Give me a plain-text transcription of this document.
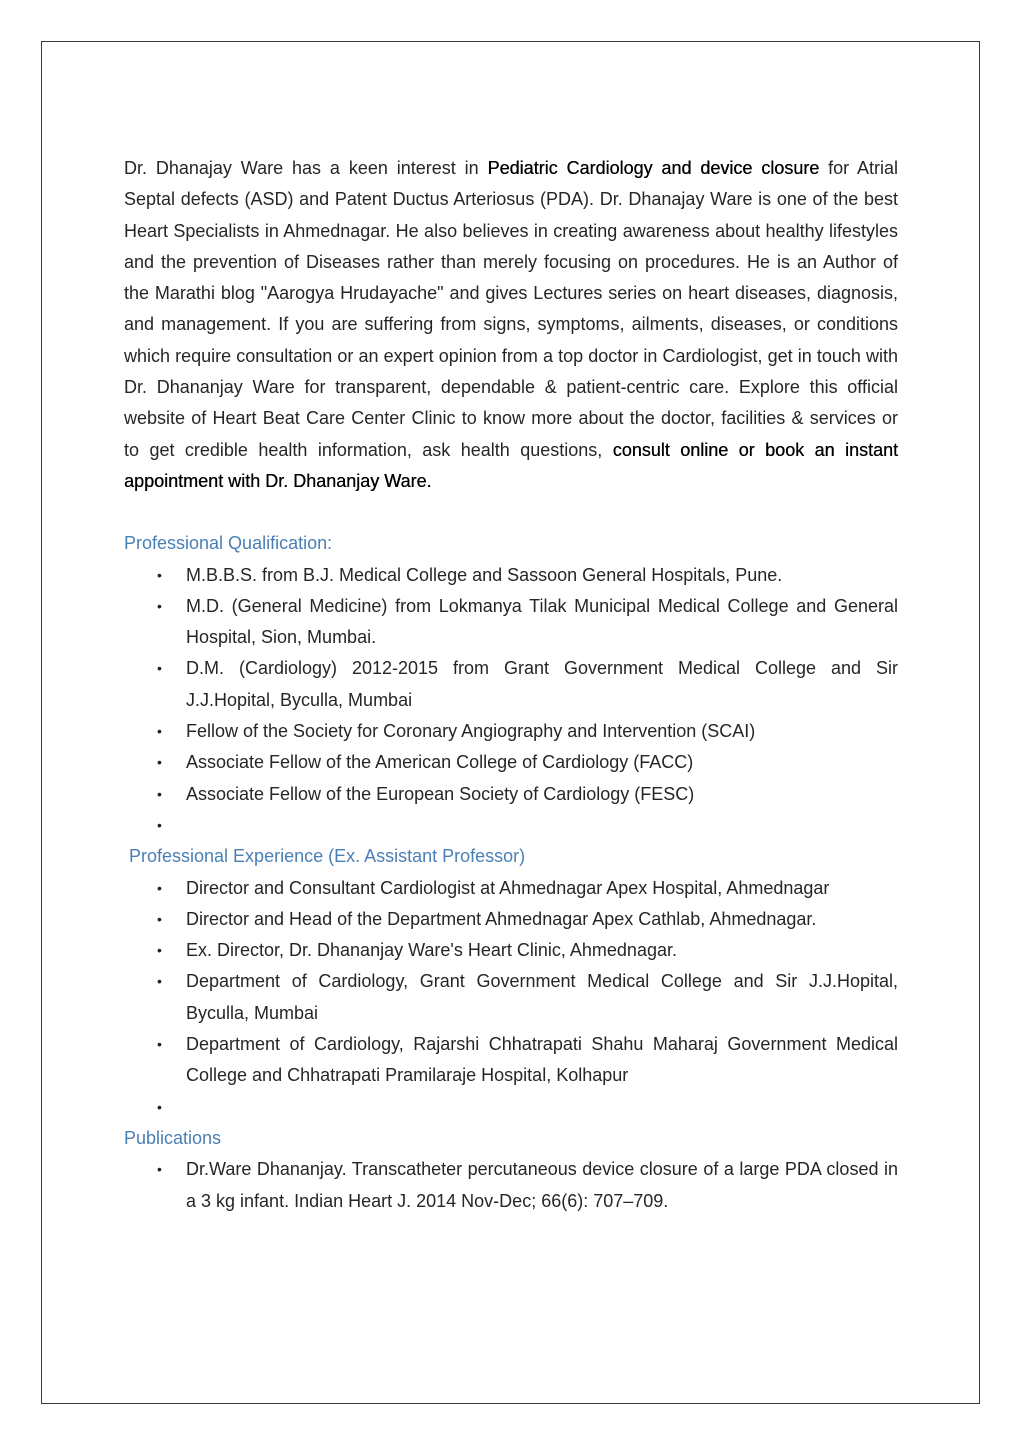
Dr. Dhanajay Ware has a keen interest in Pediatric Cardiology and device closure for Atrial Septal defects (ASD) and Patent Ductus Arteriosus (PDA). Dr. Dhanajay Ware is one of the best Heart Specialists in Ahmednagar. He also believes in creating awareness about healthy lifestyles and the prevention of Diseases rather than merely focusing on procedures. He is an Author of the Marathi blog "Aarogya Hrudayache" and gives Lectures series on heart diseases, diagnosis, and management. If you are suffering from signs, symptoms, ailments, diseases, or conditions which require consultation or an expert opinion from a top doctor in Cardiologist, get in touch with Dr. Dhananjay Ware for transparent, dependable & patient-centric care. Explore this official website of Heart Beat Care Center Clinic to know more about the doctor, facilities & services or to get credible health information, ask health questions, consult online or book an instant appointment with Dr. Dhananjay Ware.

Professional Qualification:

• M.B.B.S. from B.J. Medical College and Sassoon General Hospitals, Pune.
• M.D. (General Medicine) from Lokmanya Tilak Municipal Medical College and General Hospital, Sion, Mumbai.
• D.M. (Cardiology) 2012-2015 from Grant Government Medical College and Sir J.J.Hopital, Byculla, Mumbai
• Fellow of the Society for Coronary Angiography and Intervention (SCAI)
• Associate Fellow of the American College of Cardiology (FACC)
• Associate Fellow of the European Society of Cardiology (FESC)
•

Professional Experience (Ex. Assistant Professor)

• Director and Consultant Cardiologist at Ahmednagar Apex Hospital, Ahmednagar
• Director and Head of the Department Ahmednagar Apex Cathlab, Ahmednagar.
• Ex. Director, Dr. Dhananjay Ware's Heart Clinic, Ahmednagar.
• Department of Cardiology, Grant Government Medical College and Sir J.J.Hopital, Byculla, Mumbai
• Department of Cardiology, Rajarshi Chhatrapati Shahu Maharaj Government Medical College and Chhatrapati Pramilaraje Hospital, Kolhapur
•

Publications

• Dr.Ware Dhananjay. Transcatheter percutaneous device closure of a large PDA closed in a 3 kg infant. Indian Heart J. 2014 Nov-Dec; 66(6): 707–709.
